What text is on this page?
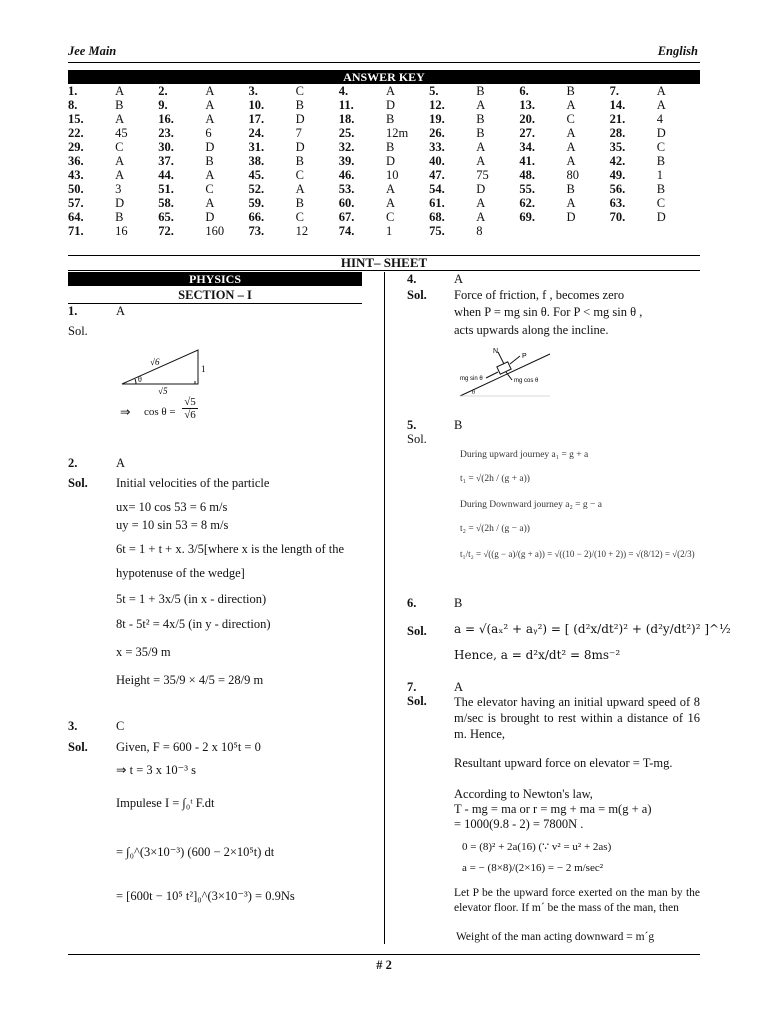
Jee Main	English
ANSWER KEY
1.	A	2.	A	3.	C	4.	A	5.	B	6.	B	7.	A
8.	B	9.	A	10.	B	11.	D	12.	A	13.	A	14.	A
15.	A	16.	A	17.	D	18.	B	19.	B	20.	C	21.	4
22.	45	23.	6	24.	7	25.	12m	26.	B	27.	A	28.	D
29.	C	30.	D	31.	D	32.	B	33.	A	34.	A	35.	C
36.	A	37.	B	38.	B	39.	D	40.	A	41.	A	42.	B
43.	A	44.	A	45.	C	46.	10	47.	75	48.	80	49.	1
50.	3	51.	C	52.	A	53.	A	54.	D	55.	B	56.	B
57.	D	58.	A	59.	B	60.	A	61.	A	62.	A	63.	C
64.	B	65.	D	66.	C	67.	C	68.	A	69.	D	70.	D
71.	16	72.	160	73.	12	74.	1	75.	8				
HINT– SHEET
PHYSICS
SECTION – I
1.	A
Sol.
√6
1
√5
θ
⇒ $\cos \theta = \frac{√5}{√6}$
2.	A
Sol. Initial velocities of the particle
ux= 10 cos 53 = 6 m/s
uy = 10 sin 53 = 8 m/s
6t = 1 + t + x. 3/5[where x is the length of the
hypotenuse of the wedge]
5t = 1 + 3x/5 (in x - direction)
8t - 5t² = 4x/5 (in y - direction)
x = 35/9 m
Height = 35/9 × 4/5 = 28/9 m
3.	C
Sol. Given, F = 600 - 2 x 10⁵t = 0
⇒ t = 3 x 10⁻³ s
Impulese I = ∫₀ᵗ F.dt
= ∫₀^(3×10⁻³) (600 − 2×10⁵t) dt
= [600t − 10⁵ t²]₀^(3×10⁻³) = 0.9Ns
4.	A
Sol. Force of friction, f , becomes zero
when P = mg sin θ. For P < mg sin θ ,
acts upwards along the incline.
N
P
mg sin θ	mg cos θ
θ
5.	B
Sol.
During upward journey a₁ = g + a
t₁ = √(2h / (g + a))
During Downward journey a₂ = g − a
t₂ = √(2h / (g − a))
t₁/t₂ = √((g − a)/(g + a)) = √((10 − 2)/(10 + 2)) = √(8/12) = √(2/3)
6.	B
Sol. a = √(aₓ² + aᵧ²) = [ (d²x/dt²)² + (d²y/dt²)² ]^½
Hence, a = d²x/dt² = 8ms⁻²
7.	A
Sol. The elevator having an initial upward speed of 8 m/sec is brought to rest within a distance of 16 m. Hence,
Resultant upward force on elevator = T-mg.
According to Newton's law,
T - mg = ma or r = mg + ma = m(g + a)
= 1000(9.8 - 2) = 7800N .
0 = (8)² + 2a(16) (∵ v² = u² + 2as)
a = − (8×8)/(2×16) = − 2 m/sec²
Let P be the upward force exerted on the man by the elevator floor. If m´ be the mass of the man, then
Weight of the man acting downward = m´g
# 2
